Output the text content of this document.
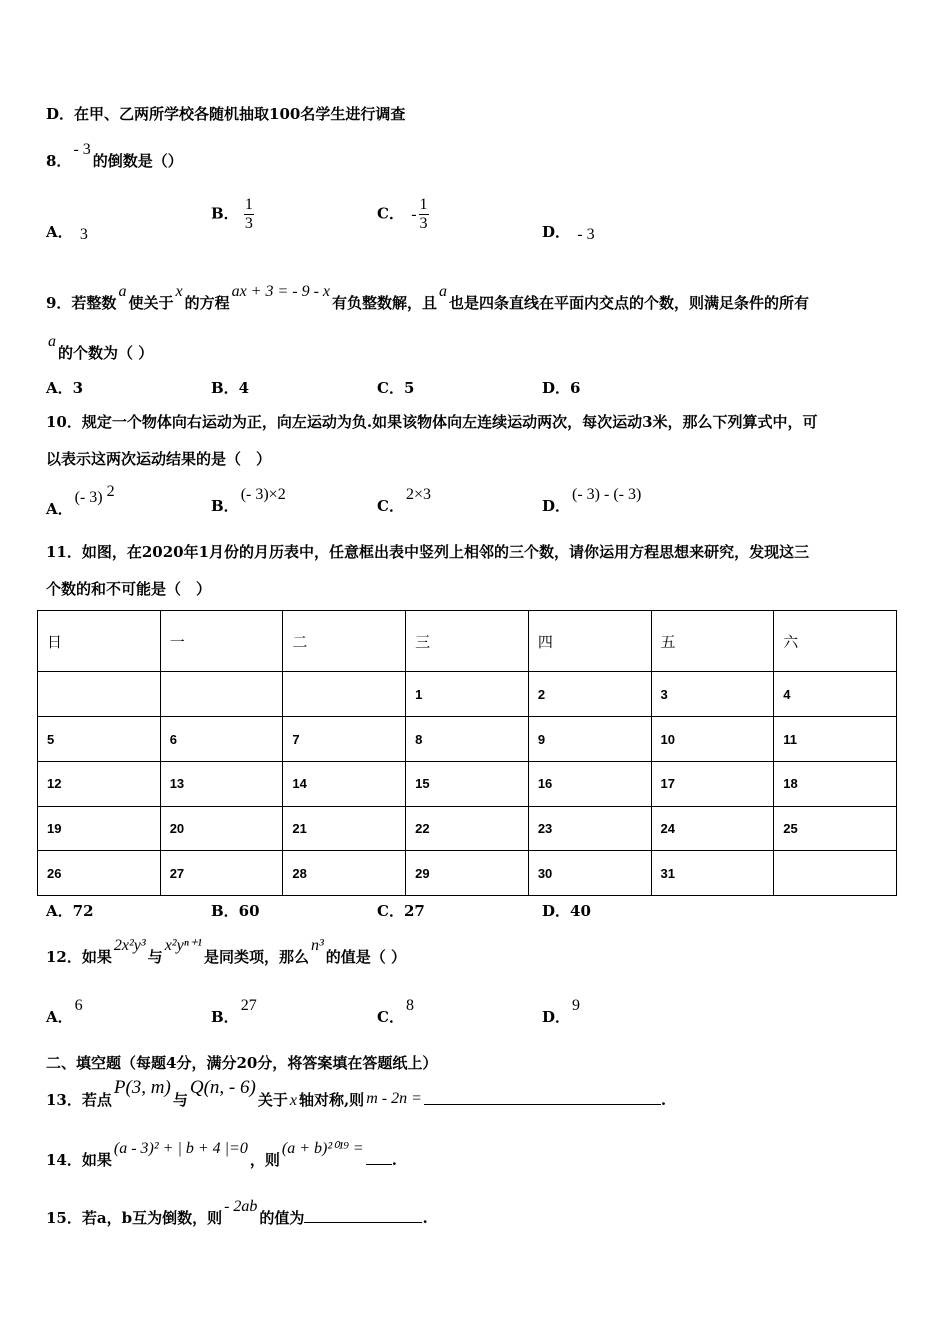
D．在甲、乙两所学校各随机抽取100名学生进行调查
8．- 3的倒数是（）
A． 3
B． $\frac{1}{3}$	C． - $\frac{1}{3}$	D． - 3
9．若整数a使关于x的方程ax + 3 = - 9 - x有负整数解，且a也是四条直线在平面内交点的个数，则满足条件的所有
a的个数为（ ）
A．3	B．4	C．5	D．6
10．规定一个物体向右运动为正，向左运动为负.如果该物体向左连续运动两次，每次运动3米，那么下列算式中，可
以表示这两次运动结果的是（　）
A．(- 3) $^2$
B．(- 3)×2
C．2×3
D．(- 3) - (- 3)
11．如图，在2020年1月份的月历表中，任意框出表中竖列上相邻的三个数，请你运用方程思想来研究，发现这三
个数的和不可能是（　）
日	一	二	三	四	五	六
			1	2	3	4
5	6	7	8	9	10	11
12	13	14	15	16	17	18
19	20	21	22	23	24	25
26	27	28	29	30	31	
A．72	B．60	C．27	D．40
12．如果2x²y³与x²yⁿ⁺¹是同类项，那么n³的值是（ ）
A．6
B．27
C．8
D．9
二、填空题（每题4分，满分20分，将答案填在答题纸上）
13．若点P(3, m)与Q(n, - 6)关于 x 轴对称,则 m - 2n =	.
14．如果(a - 3)² + | b + 4 |=0，则(a + b)²⁰¹⁹ =.
15．若a，b互为倒数，则- 2ab的值为	.
